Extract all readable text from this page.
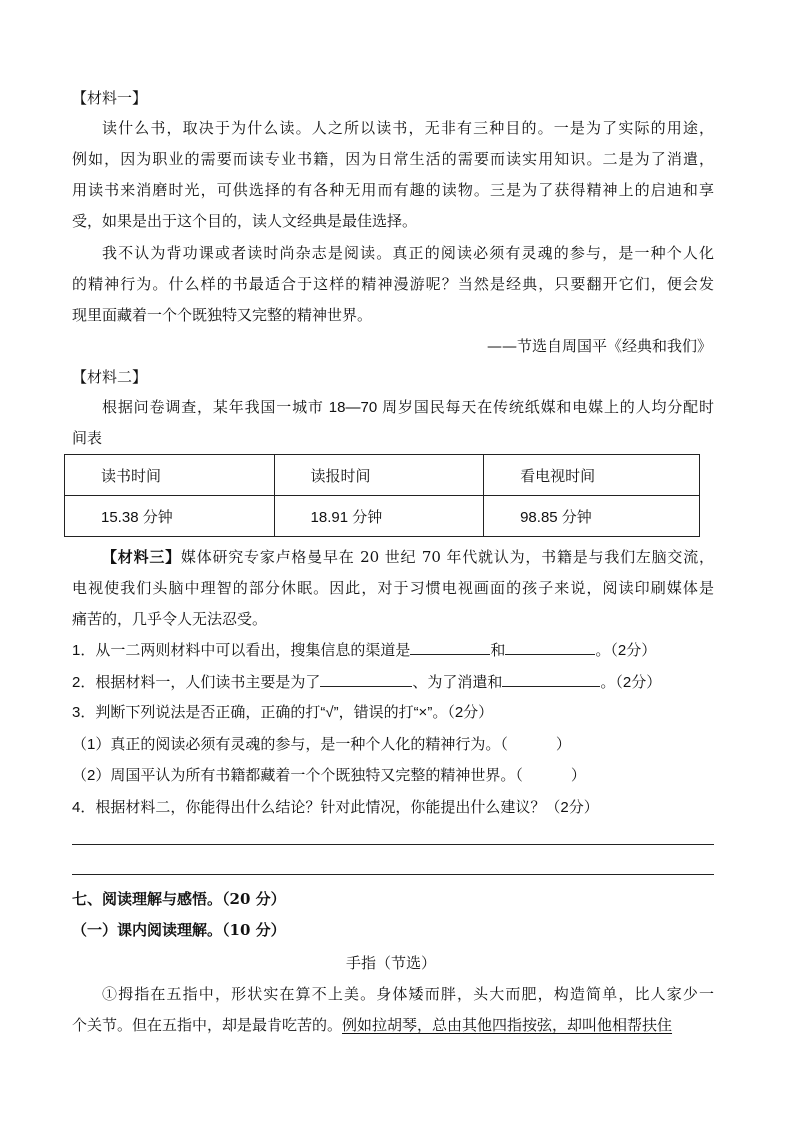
【材料一】
读什么书，取决于为什么读。人之所以读书，无非有三种目的。一是为了实际的用途，
例如，因为职业的需要而读专业书籍，因为日常生活的需要而读实用知识。二是为了消遣，
用读书来消磨时光，可供选择的有各种无用而有趣的读物。三是为了获得精神上的启迪和享
受，如果是出于这个目的，读人文经典是最佳选择。
我不认为背功课或者读时尚杂志是阅读。真正的阅读必须有灵魂的参与，是一种个人化
的精神行为。什么样的书最适合于这样的精神漫游呢？当然是经典，只要翻开它们，便会发
现里面藏着一个个既独特又完整的精神世界。
——节选自周国平《经典和我们》
【材料二】
根据问卷调查，某年我国一城市 18—70 周岁国民每天在传统纸媒和电媒上的人均分配时
间表
读书时间	读报时间	看电视时间
15.38 分钟	18.91 分钟	98.85 分钟
【材料三】媒体研究专家卢格曼早在 20 世纪 70 年代就认为，书籍是与我们左脑交流，
电视使我们头脑中理智的部分休眠。因此，对于习惯电视画面的孩子来说，阅读印刷媒体是
痛苦的，几乎令人无法忍受。
1．从一二两则材料中可以看出，搜集信息的渠道是	和	。（2分）
2．根据材料一，人们读书主要是为了	、为了消遣和	。（2分）
3．判断下列说法是否正确，正确的打“√”，错误的打“×”。（2分）
（1）真正的阅读必须有灵魂的参与，是一种个人化的精神行为。（	）
（2）周国平认为所有书籍都藏着一个个既独特又完整的精神世界。（	）
4．根据材料二，你能得出什么结论？针对此情况，你能提出什么建议？（2分）
七、阅读理解与感悟。（20 分）
（一）课内阅读理解。（10 分）
手指（节选）
①拇指在五指中，形状实在算不上美。身体矮而胖，头大而肥，构造简单，比人家少一
个关节。但在五指中，却是最肯吃苦的。例如拉胡琴，总由其他四指按弦，却叫他相帮扶住
